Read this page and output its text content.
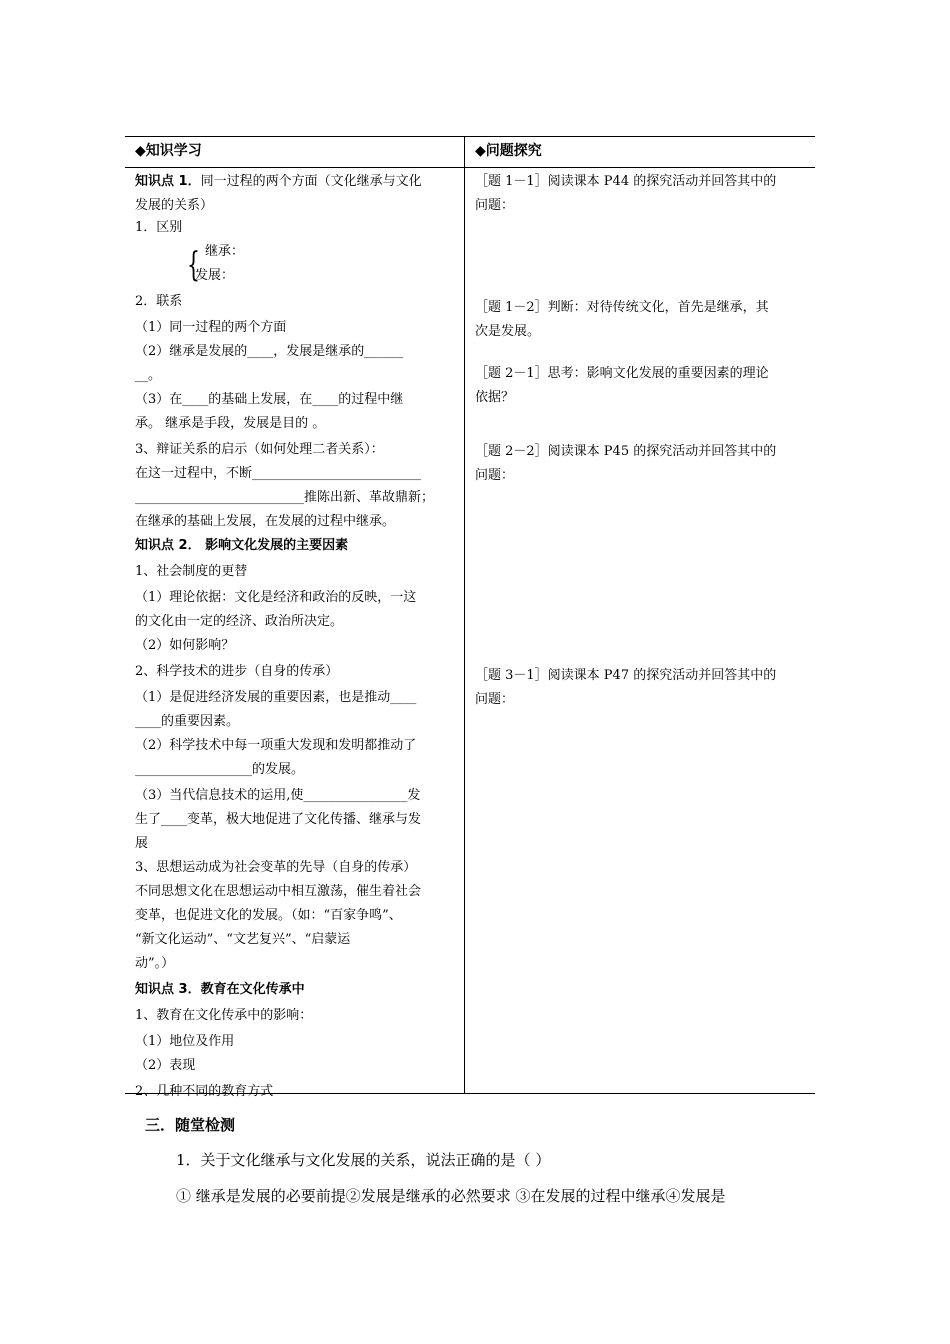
◆知识学习	◆问题探究
{
知识点 1．同一过程的两个方面（文化继承与文化
发展的关系）
1．区别
继承：
发展：
2．联系
（1）同一过程的两个方面
（2）继承是发展的____，发展是继承的______
__。
（3）在____的基础上发展，在____的过程中继
承。 继承是手段，发展是目的 。
3、辩证关系的启示（如何处理二者关系）：
在这一过程中，不断__________________________
__________________________推陈出新、革故鼎新；
在继承的基础上发展，在发展的过程中继承。
知识点 2． 影响文化发展的主要因素
1、社会制度的更替
（1）理论依据：文化是经济和政治的反映，一这
的文化由一定的经济、政治所决定。
（2）如何影响？
2、科学技术的进步（自身的传承）
（1）是促进经济发展的重要因素，也是推动____
____的重要因素。
（2）科学技术中每一项重大发现和发明都推动了
__________________的发展。
（3）当代信息技术的运用,使________________发
生了____变革，极大地促进了文化传播、继承与发
展
3、思想运动成为社会变革的先导（自身的传承）
不同思想文化在思想运动中相互激荡，催生着社会
变革，也促进文化的发展。（如：“百家争鸣”、
“新文化运动”、“文艺复兴”、“启蒙运
动”。）
知识点 3．教育在文化传承中
1、教育在文化传承中的影响：
（1）地位及作用
（2）表现
2、几种不同的教育方式
［题 1－1］阅读课本 P44 的探究活动并回答其中的
问题：
［题 1－2］判断：对待传统文化，首先是继承，其
次是发展。
［题 2－1］思考：影响文化发展的重要因素的理论
依据？
［题 2－2］阅读课本 P45 的探究活动并回答其中的
问题：
［题 3－1］阅读课本 P47 的探究活动并回答其中的
问题：
三．随堂检测
1．关于文化继承与文化发展的关系，说法正确的是（ ）
① 继承是发展的必要前提②发展是继承的必然要求 ③在发展的过程中继承④发展是
